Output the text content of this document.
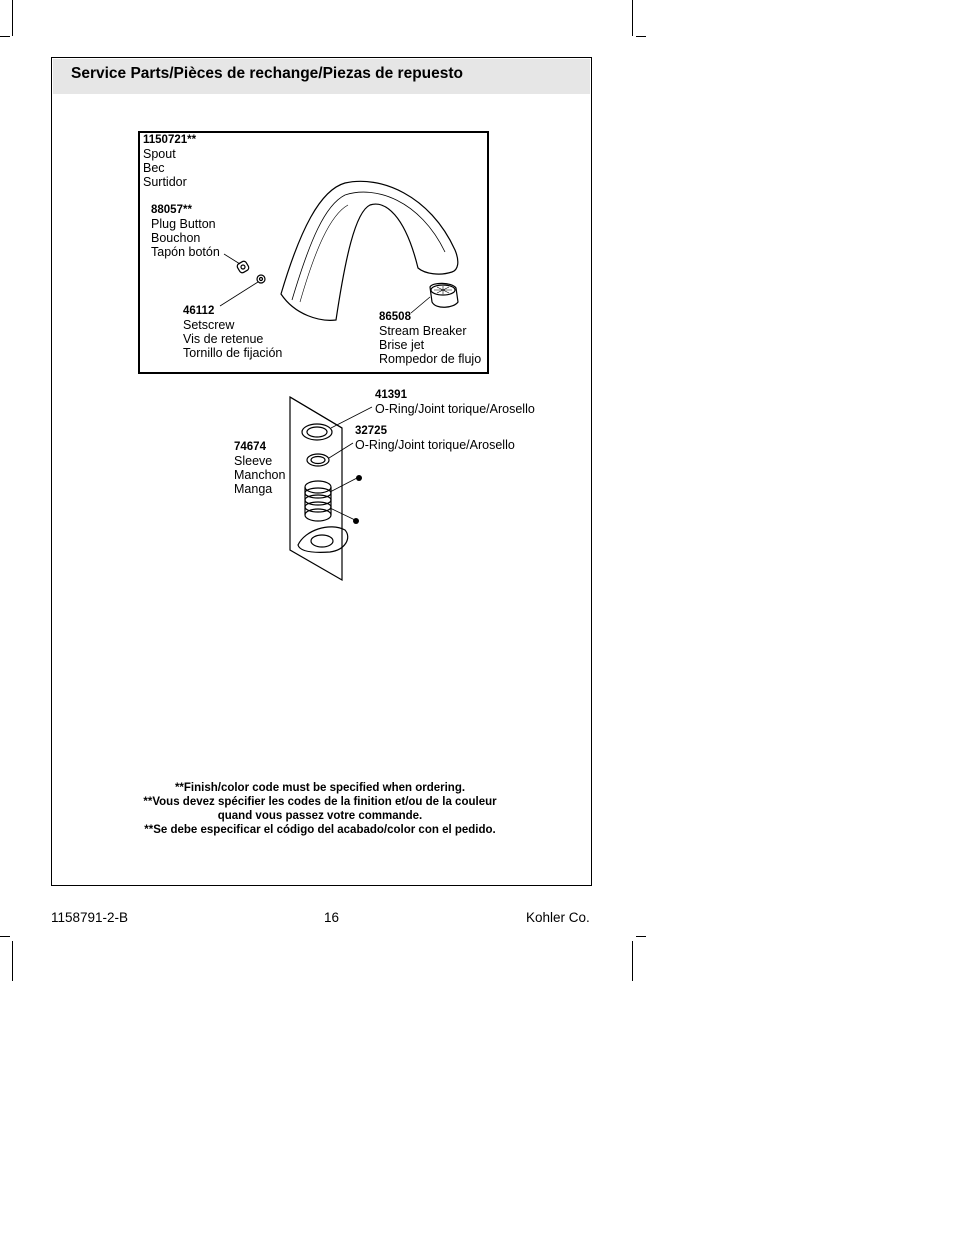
Service Parts/Pièces de rechange/Piezas de repuesto
1150721**
Spout
Bec
Surtidor
88057**
Plug Button
Bouchon
Tapón botón
46112
Setscrew
Vis de retenue
Tornillo de fijación
86508
Stream Breaker
Brise jet
Rompedor de flujo
41391
O-Ring/Joint torique/Arosello
32725
O-Ring/Joint torique/Arosello
74674
Sleeve
Manchon
Manga
**Finish/color code must be specified when ordering.
**Vous devez spécifier les codes de la finition et/ou de la couleur
quand vous passez votre commande.
**Se debe especificar el código del acabado/color con el pedido.
1158791-2-B	16	Kohler Co.
